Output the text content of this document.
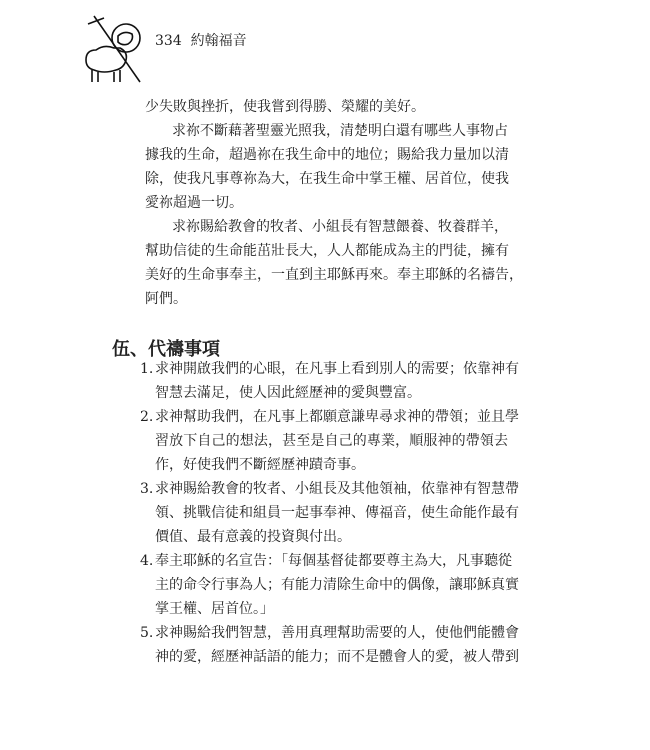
334 約翰福音
少失敗與挫折，使我嘗到得勝、榮耀的美好。
求祢不斷藉著聖靈光照我，清楚明白還有哪些人事物占
據我的生命，超過祢在我生命中的地位；賜給我力量加以清
除，使我凡事尊祢為大，在我生命中掌王權、居首位，使我
愛祢超過一切。
求祢賜給教會的牧者、小組長有智慧餵養、牧養群羊，
幫助信徒的生命能茁壯長大，人人都能成為主的門徒，擁有
美好的生命事奉主，一直到主耶穌再來。奉主耶穌的名禱告，
阿們。
伍、代禱事項
1. 求神開啟我們的心眼，在凡事上看到別人的需要；依靠神有
智慧去滿足，使人因此經歷神的愛與豐富。
2. 求神幫助我們，在凡事上都願意謙卑尋求神的帶領；並且學
習放下自己的想法，甚至是自己的專業，順服神的帶領去
作，好使我們不斷經歷神蹟奇事。
3. 求神賜給教會的牧者、小組長及其他領袖，依靠神有智慧帶
領、挑戰信徒和組員一起事奉神、傳福音，使生命能作最有
價值、最有意義的投資與付出。
4. 奉主耶穌的名宣告：「每個基督徒都要尊主為大，凡事聽從
主的命令行事為人；有能力清除生命中的偶像，讓耶穌真實
掌王權、居首位。」
5. 求神賜給我們智慧，善用真理幫助需要的人，使他們能體會
神的愛，經歷神話語的能力；而不是體會人的愛，被人帶到
